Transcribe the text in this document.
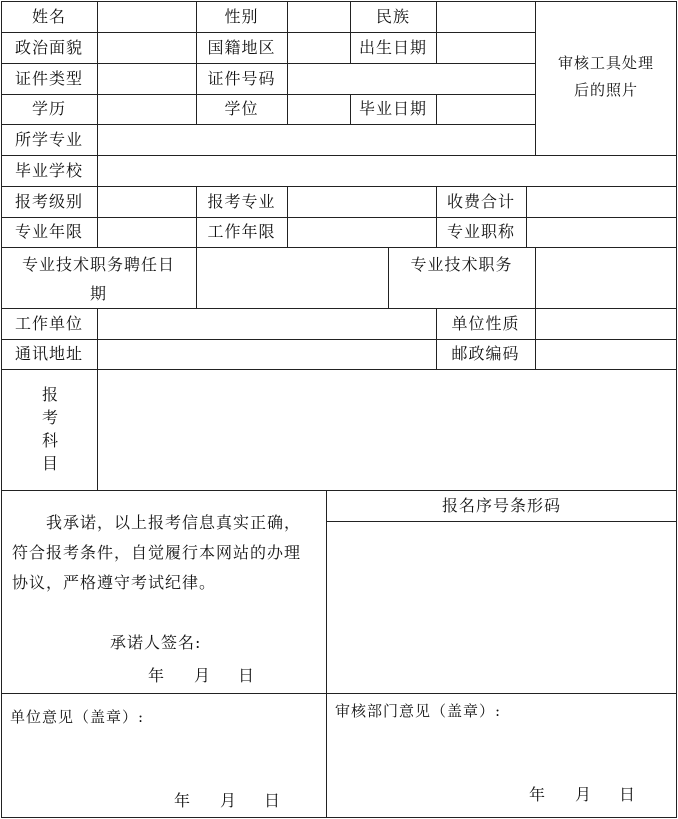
姓名	性别	民族
政治面貌	国籍地区	出生日期
证件类型	证件号码
学历	学位	毕业日期
所学专业
审核工具处理
后的照片
毕业学校
报考级别	报考专业	收费合计
专业年限	工作年限	专业职称
专业技术职务聘任日
期
专业技术职务
工作单位	单位性质
通讯地址	邮政编码
报
考
科
目
我承诺，以上报考信息真实正确，
符合报考条件，自觉履行本网站的办理
协议，严格遵守考试纪律。
承诺人签名:
年 月 日
报名序号条形码
单位意见（盖章）:
年 月 日
审核部门意见（盖章）:
年 月 日
